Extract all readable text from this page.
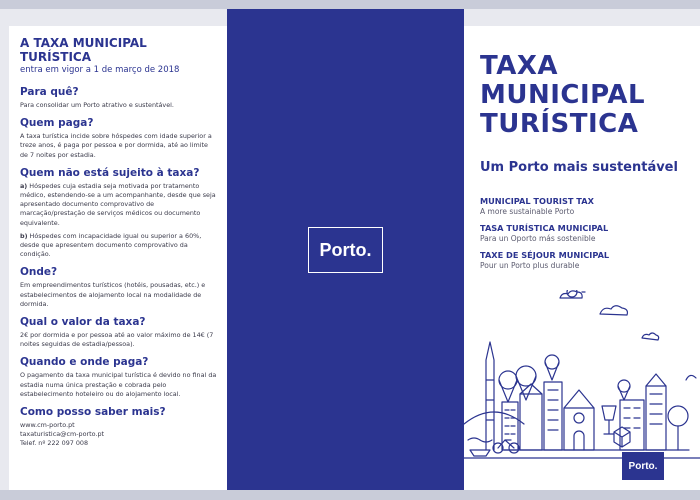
A TAXA MUNICIPAL TURÍSTICA
entra em vigor a 1 de março de 2018
Para quê?

Para consolidar um Porto atrativo e sustentável.

Quem paga?

A taxa turística incide sobre hóspedes com idade superior a treze anos, é paga por pessoa e por dormida, até ao limite de 7 noites por estadia.

Quem não está sujeito à taxa?

a) Hóspedes cuja estadia seja motivada por tratamento médico, estendendo-se a um acompanhante, desde que seja apresentado documento comprovativo de marcação/prestação de serviços médicos ou documento equivalente.

b) Hóspedes com incapacidade igual ou superior a 60%, desde que apresentem documento comprovativo da condição.

Onde?

Em empreendimentos turísticos (hotéis, pousadas, etc.) e estabelecimentos de alojamento local na modalidade de dormida.

Qual o valor da taxa?

2€ por dormida e por pessoa até ao valor máximo de 14€ (7 noites seguidas de estadia/pessoa).

Quando e onde paga?

O pagamento da taxa municipal turística é devido no final da estadia numa única prestação e cobrada pelo estabelecimento hoteleiro ou do alojamento local.

Como posso saber mais?

www.cm-porto.pt

taxaturistica@cm-porto.pt

Telef. nº 222 097 008

Porto.
TAXA
MUNICIPAL
TURÍSTICA
Um Porto mais sustentável
MUNICIPAL TOURIST TAX
A more sustainable Porto
TASA TURÍSTICA MUNICIPAL
Para un Oporto más sostenible
TAXE DE SÉJOUR MUNICIPAL
Pour un Porto plus durable
Porto.
